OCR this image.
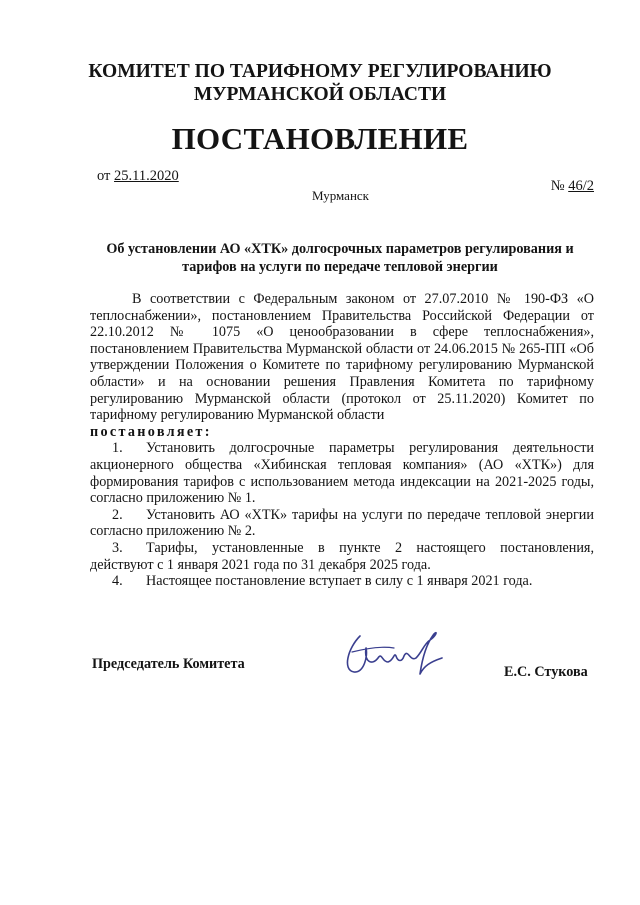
КОМИТЕТ ПО ТАРИФНОМУ РЕГУЛИРОВАНИЮ
МУРМАНСКОЙ ОБЛАСТИ
ПОСТАНОВЛЕНИЕ
от 25.11.2020
Мурманск
№ 46/2
Об установлении АО «ХТК» долгосрочных параметров регулирования и
тарифов на услуги по передаче тепловой энергии

В соответствии с Федеральным законом от 27.07.2010 № 190-ФЗ «О теплоснабжении», постановлением Правительства Российской Федерации от 22.10.2012 № 1075 «О ценообразовании в сфере теплоснабжения», постановлением Правительства Мурманской области от 24.06.2015 № 265-ПП «Об утверждении Положения о Комитете по тарифному регулированию Мурманской области» и на основании решения Правления Комитета по тарифному регулированию Мурманской области (протокол от 25.11.2020) Комитет по тарифному регулированию Мурманской области

постановляет:

1. Установить долгосрочные параметры регулирования деятельности акционерного общества «Хибинская тепловая компания» (АО «ХТК») для формирования тарифов с использованием метода индексации на 2021-2025 годы, согласно приложению № 1.

2. Установить АО «ХТК» тарифы на услуги по передаче тепловой энергии согласно приложению № 2.

3. Тарифы, установленные в пункте 2 настоящего постановления, действуют с 1 января 2021 года по 31 декабря 2025 года.

4. Настоящее постановление вступает в силу с 1 января 2021 года.

Председатель Комитета	Е.С. Стукова
